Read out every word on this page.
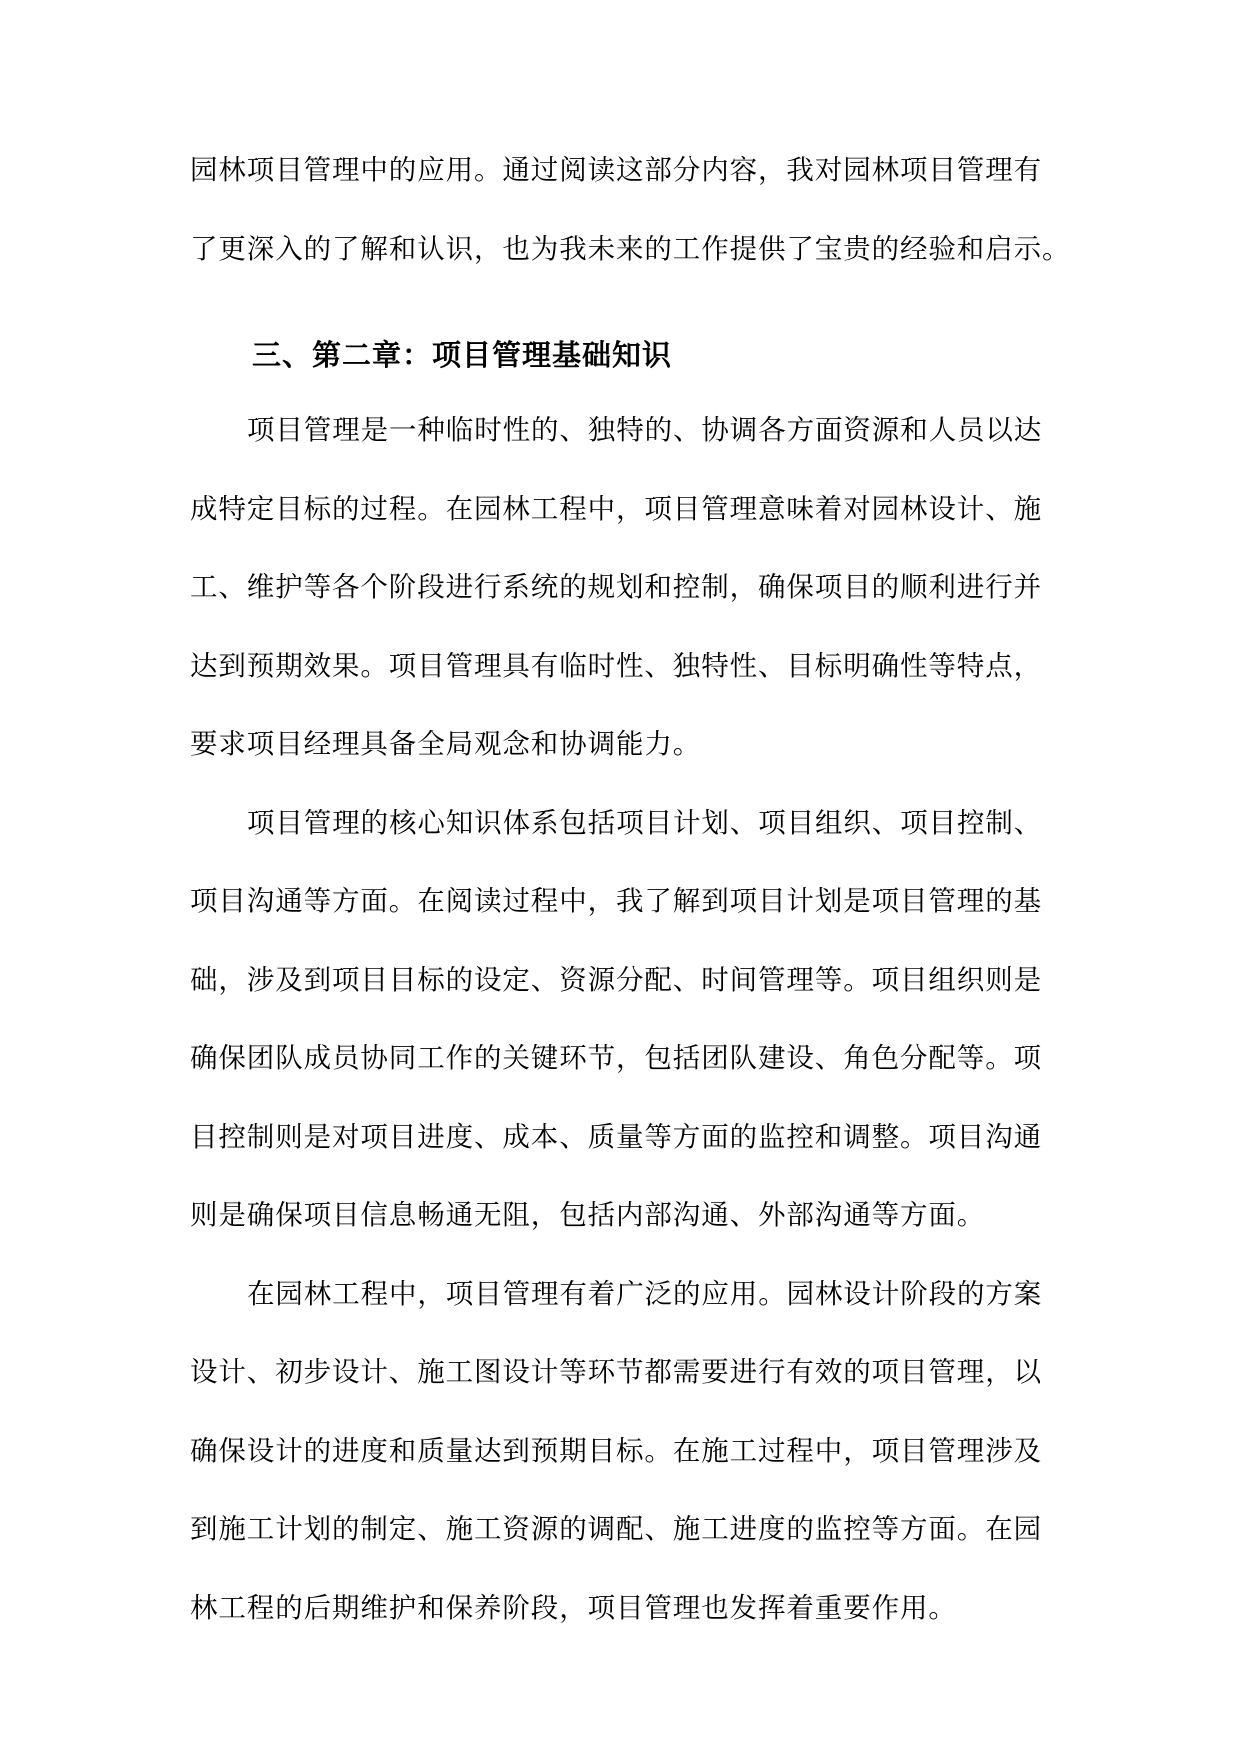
园林项目管理中的应用。通过阅读这部分内容，我对园林项目管理有
了更深入的了解和认识，也为我未来的工作提供了宝贵的经验和启示。
三、第二章：项目管理基础知识
项目管理是一种临时性的、独特的、协调各方面资源和人员以达
成特定目标的过程。在园林工程中，项目管理意味着对园林设计、施
工、维护等各个阶段进行系统的规划和控制，确保项目的顺利进行并
达到预期效果。项目管理具有临时性、独特性、目标明确性等特点，
要求项目经理具备全局观念和协调能力。
项目管理的核心知识体系包括项目计划、项目组织、项目控制、
项目沟通等方面。在阅读过程中，我了解到项目计划是项目管理的基
础，涉及到项目目标的设定、资源分配、时间管理等。项目组织则是
确保团队成员协同工作的关键环节，包括团队建设、角色分配等。项
目控制则是对项目进度、成本、质量等方面的监控和调整。项目沟通
则是确保项目信息畅通无阻，包括内部沟通、外部沟通等方面。
在园林工程中，项目管理有着广泛的应用。园林设计阶段的方案
设计、初步设计、施工图设计等环节都需要进行有效的项目管理，以
确保设计的进度和质量达到预期目标。在施工过程中，项目管理涉及
到施工计划的制定、施工资源的调配、施工进度的监控等方面。在园
林工程的后期维护和保养阶段，项目管理也发挥着重要作用。
